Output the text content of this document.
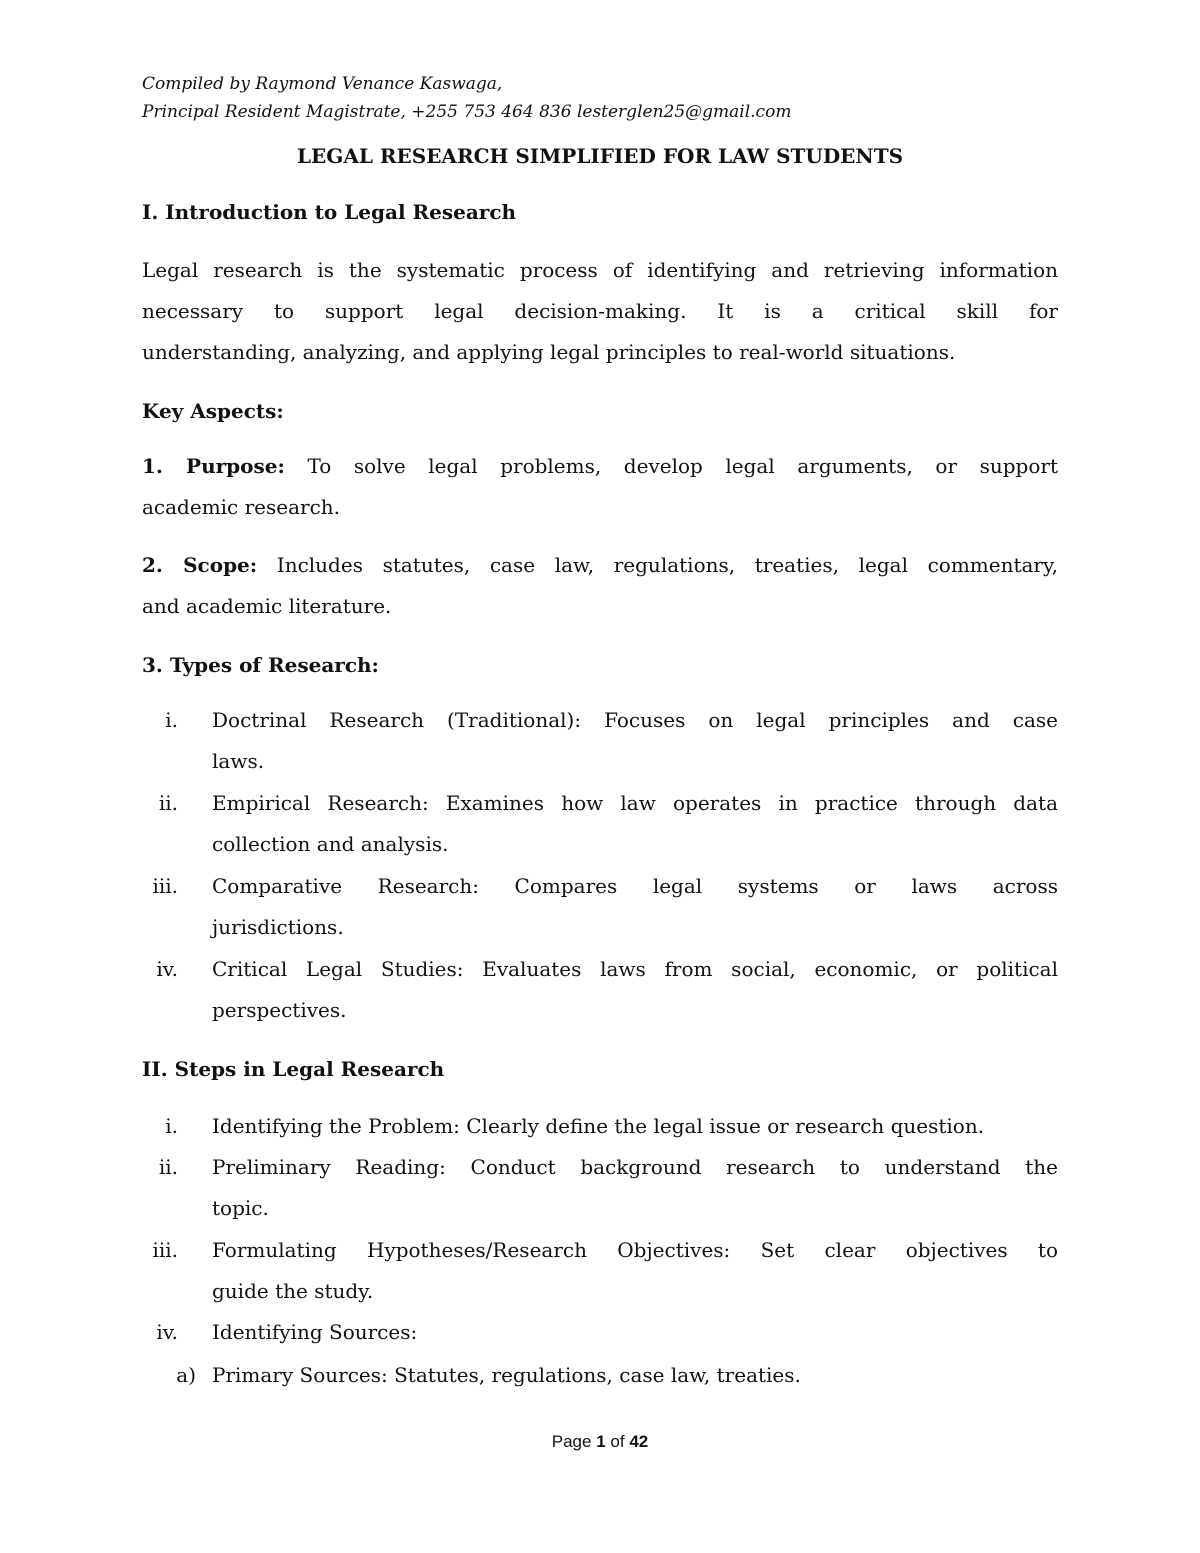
Compiled by Raymond Venance Kaswaga,
Principal Resident Magistrate, +255 753 464 836 lesterglen25@gmail.com
LEGAL RESEARCH SIMPLIFIED FOR LAW STUDENTS
I. Introduction to Legal Research
Legal research is the systematic process of identifying and retrieving information
necessary to support legal decision-making. It is a critical skill for
understanding, analyzing, and applying legal principles to real-world situations.
Key Aspects:
1. Purpose: To solve legal problems, develop legal arguments, or support
academic research.
2. Scope: Includes statutes, case law, regulations, treaties, legal commentary,
and academic literature.
3. Types of Research:
i. Doctrinal Research (Traditional): Focuses on legal principles and case
laws.
ii. Empirical Research: Examines how law operates in practice through data
collection and analysis.
iii. Comparative Research: Compares legal systems or laws across
jurisdictions.
iv. Critical Legal Studies: Evaluates laws from social, economic, or political
perspectives.
II. Steps in Legal Research
i. Identifying the Problem: Clearly define the legal issue or research question.
ii. Preliminary Reading: Conduct background research to understand the
topic.
iii. Formulating Hypotheses/Research Objectives: Set clear objectives to
guide the study.
iv. Identifying Sources:
a) Primary Sources: Statutes, regulations, case law, treaties.
Page 1 of 42
